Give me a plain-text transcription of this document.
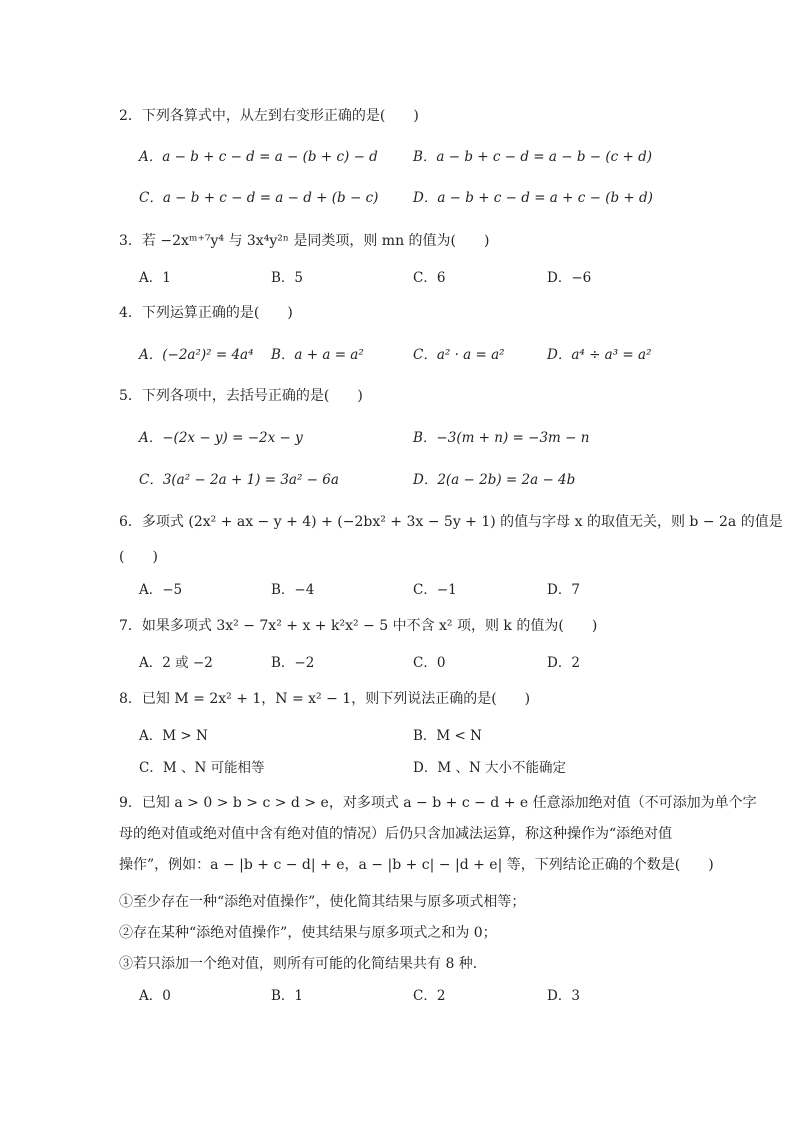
2．下列各算式中，从左到右变形正确的是(　　)
A．a − b + c − d = a − (b + c) − d	B．a − b + c − d = a − b − (c + d)
C．a − b + c − d = a − d + (b − c)	D．a − b + c − d = a + c − (b + d)
3．若 −2xᵐ⁺⁷y⁴ 与 3x⁴y²ⁿ 是同类项，则 mn 的值为(　　)
A．1	B．5	C．6	D．−6
4．下列运算正确的是(　　)
A．(−2a²)² = 4a⁴ B．a + a = a²	C．a² · a = a²	D．a⁴ ÷ a³ = a²
5．下列各项中，去括号正确的是(　　)
A．−(2x − y) = −2x − y	B．−3(m + n) = −3m − n
C．3(a² − 2a + 1) = 3a² − 6a	D．2(a − 2b) = 2a − 4b
6．多项式 (2x² + ax − y + 4) + (−2bx² + 3x − 5y + 1) 的值与字母 x 的取值无关，则 b − 2a 的值是
(　　)
A．−5	B．−4	C．−1	D．7
7．如果多项式 3x² − 7x² + x + k²x² − 5 中不含 x² 项，则 k 的值为(　　)
A．2 或 −2	B．−2	C．0	D．2
8．已知 M = 2x² + 1，N = x² − 1，则下列说法正确的是(　　)
A．M > N	B．M < N
C．M 、N 可能相等	D．M 、N 大小不能确定
9．已知 a > 0 > b > c > d > e，对多项式 a − b + c − d + e 任意添加绝对值（不可添加为单个字
母的绝对值或绝对值中含有绝对值的情况）后仍只含加减法运算，称这种操作为“添绝对值
操作”，例如：a − |b + c − d| + e，a − |b + c| − |d + e| 等，下列结论正确的个数是(　　)
①至少存在一种“添绝对值操作”，使化简其结果与原多项式相等；
②存在某种“添绝对值操作”，使其结果与原多项式之和为 0；
③若只添加一个绝对值，则所有可能的化简结果共有 8 种．
A．0	B．1	C．2	D．3
